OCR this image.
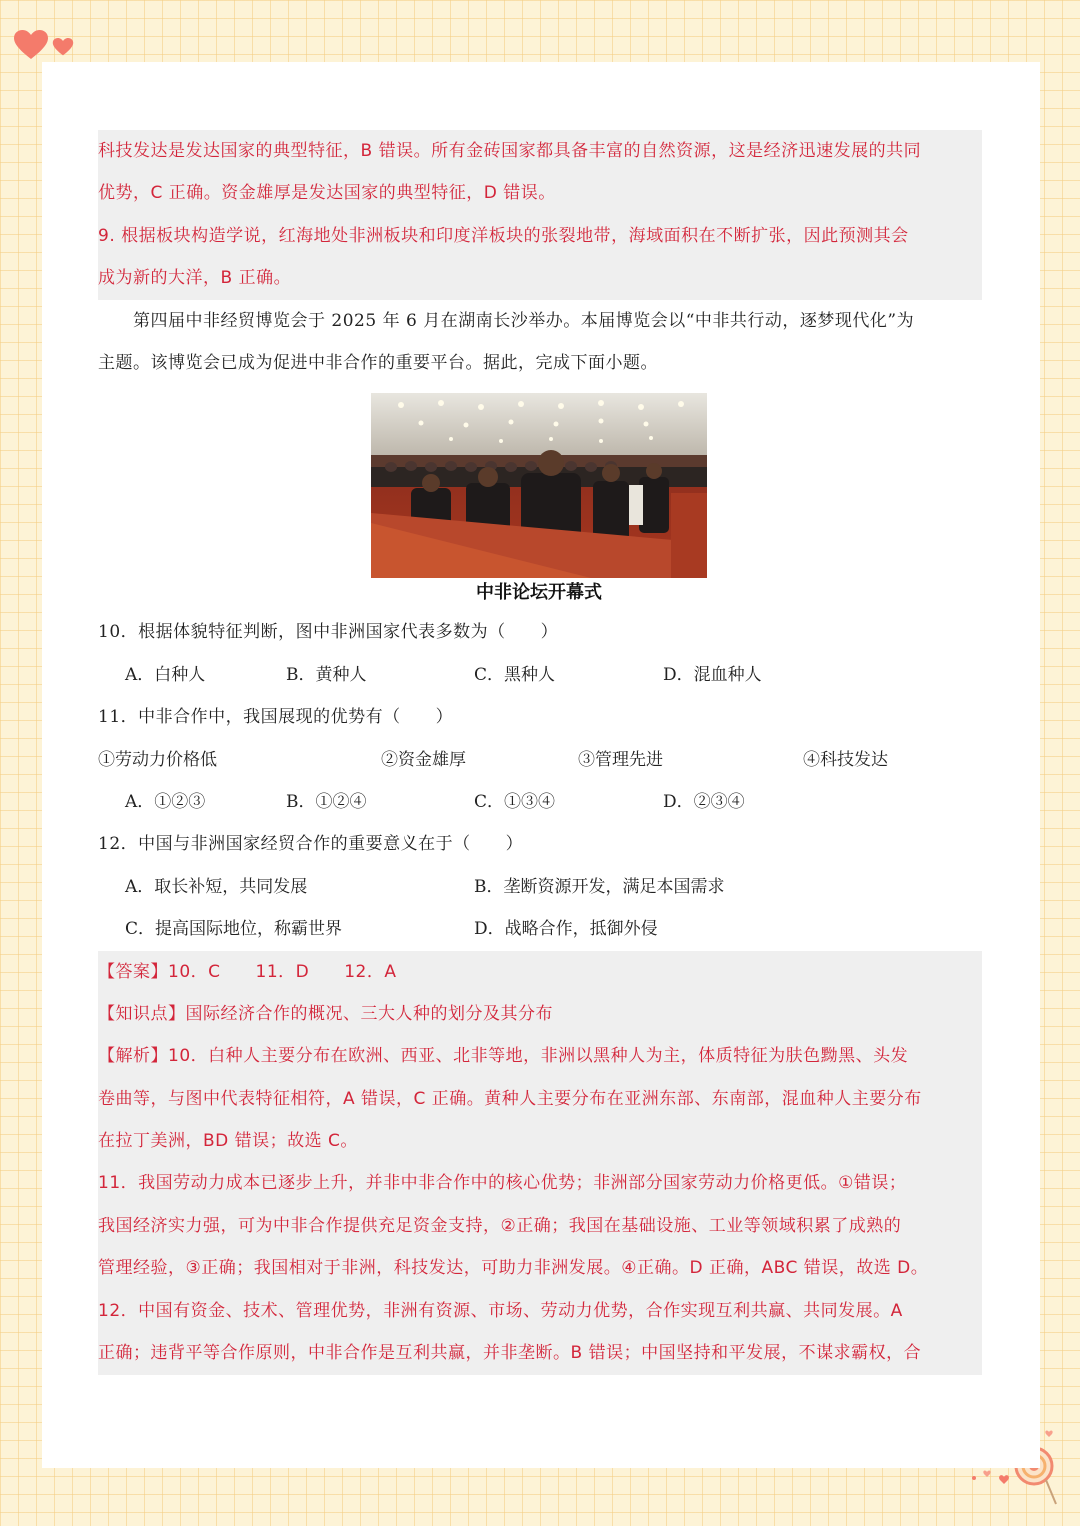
科技发达是发达国家的典型特征，B 错误。所有金砖国家都具备丰富的自然资源，这是经济迅速发展的共同
优势，C 正确。资金雄厚是发达国家的典型特征，D 错误。
9. 根据板块构造学说，红海地处非洲板块和印度洋板块的张裂地带，海域面积在不断扩张，因此预测其会
成为新的大洋，B 正确。
　　第四届中非经贸博览会于 2025 年 6 月在湖南长沙举办。本届博览会以“中非共行动，逐梦现代化”为
主题。该博览会已成为促进中非合作的重要平台。据此，完成下面小题。
中非论坛开幕式
10．根据体貌特征判断，图中非洲国家代表多数为（　　）
A．白种人	B．黄种人	C．黑种人	D．混血种人
11．中非合作中，我国展现的优势有（　　）
①劳动力价格低	②资金雄厚	③管理先进	④科技发达
A．①②③	B．①②④	C．①③④	D．②③④
12．中国与非洲国家经贸合作的重要意义在于（　　）
A．取长补短，共同发展	B．垄断资源开发，满足本国需求
C．提高国际地位，称霸世界	D．战略合作，抵御外侵
【答案】10．C　　11．D　　12．A
【知识点】国际经济合作的概况、三大人种的划分及其分布
【解析】10．白种人主要分布在欧洲、西亚、北非等地，非洲以黑种人为主，体质特征为肤色黝黑、头发
卷曲等，与图中代表特征相符，A 错误，C 正确。黄种人主要分布在亚洲东部、东南部，混血种人主要分布
在拉丁美洲，BD 错误；故选 C。
11．我国劳动力成本已逐步上升，并非中非合作中的核心优势；非洲部分国家劳动力价格更低。①错误；
我国经济实力强，可为中非合作提供充足资金支持，②正确；我国在基础设施、工业等领域积累了成熟的
管理经验，③正确；我国相对于非洲，科技发达，可助力非洲发展。④正确。D 正确，ABC 错误，故选 D。
12．中国有资金、技术、管理优势，非洲有资源、市场、劳动力优势，合作实现互利共赢、共同发展。A
正确；违背平等合作原则，中非合作是互利共赢，并非垄断。B 错误；中国坚持和平发展，不谋求霸权，合
